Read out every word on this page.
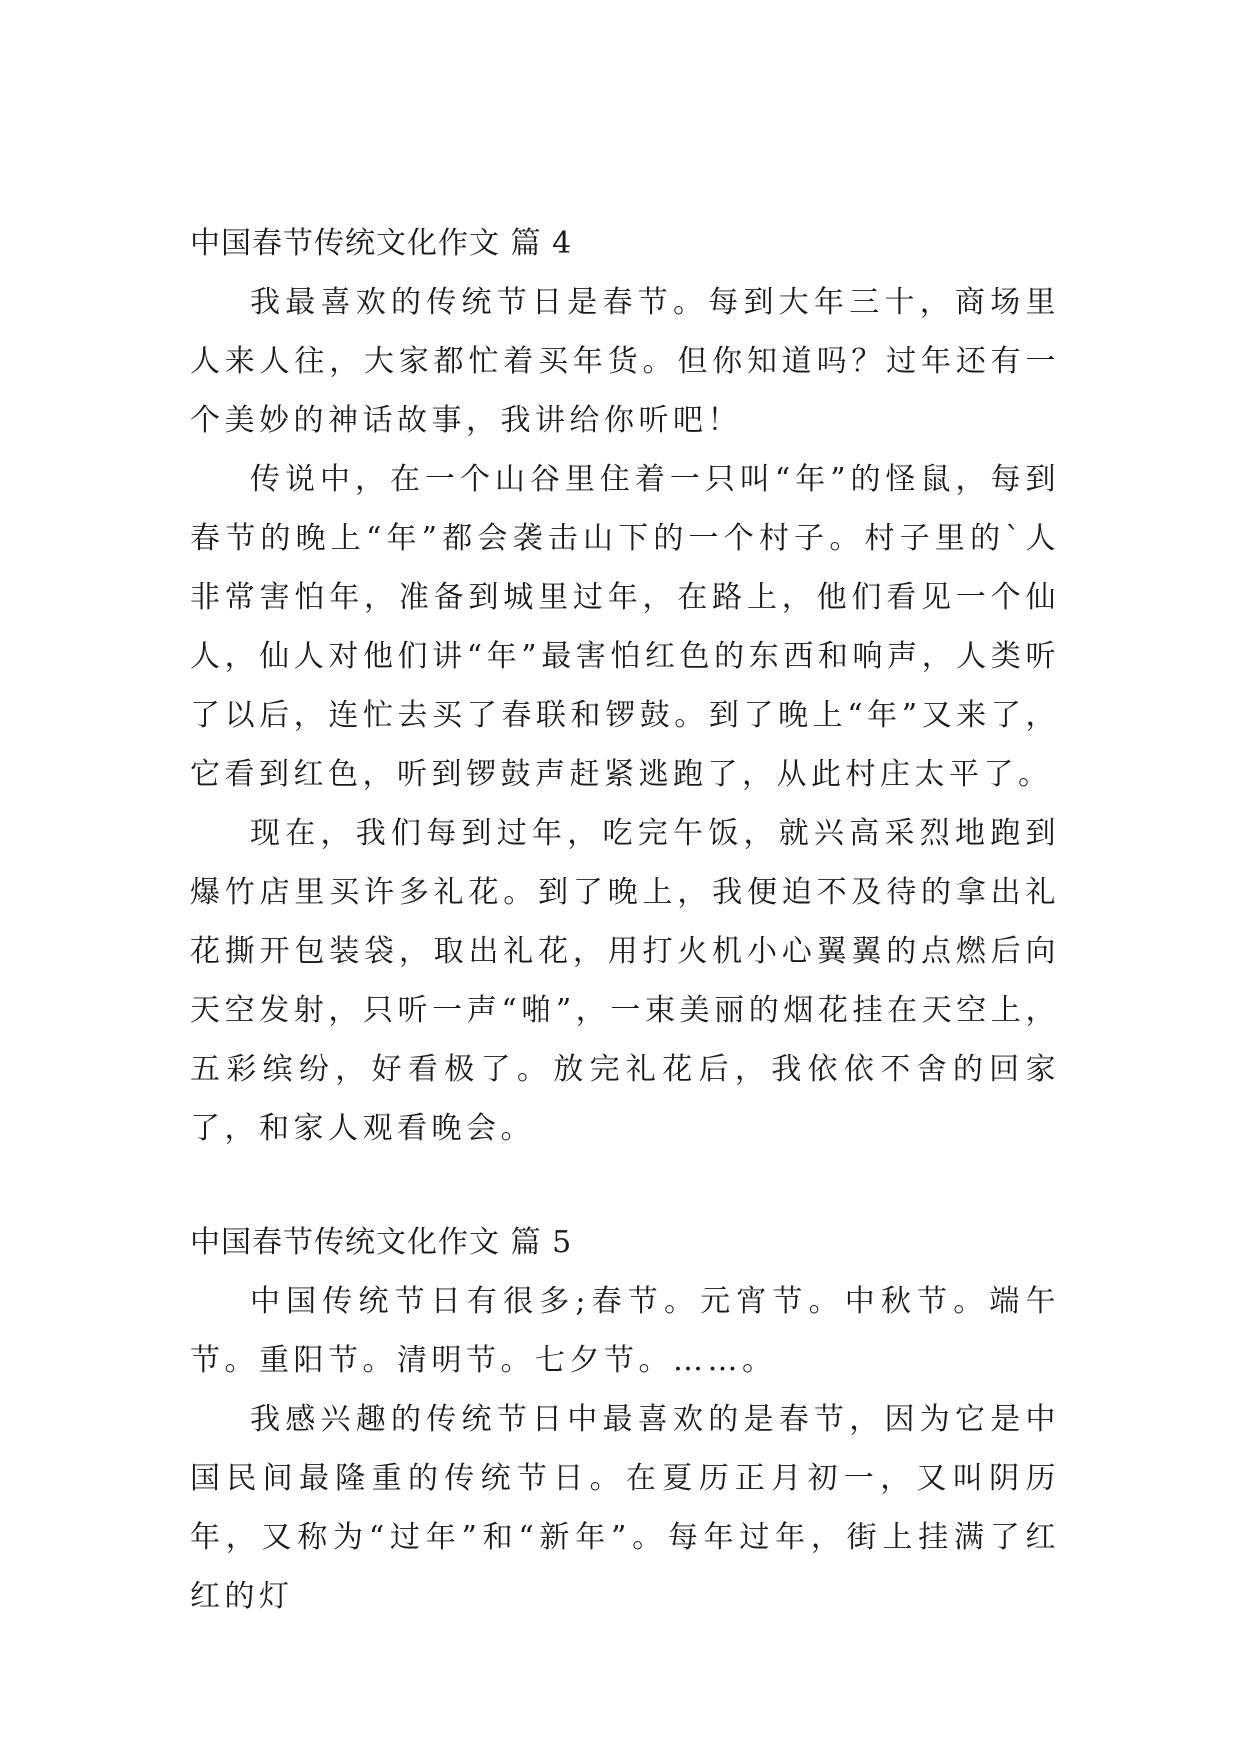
中国春节传统文化作文 篇 4

我最喜欢的传统节日是春节。每到大年三十，商场里人来人往，大家都忙着买年货。但你知道吗？过年还有一个美妙的神话故事，我讲给你听吧！

传说中，在一个山谷里住着一只叫“年”的怪鼠，每到春节的晚上“年”都会袭击山下的一个村子。村子里的`人非常害怕年，准备到城里过年，在路上，他们看见一个仙人，仙人对他们讲“年”最害怕红色的东西和响声，人类听了以后，连忙去买了春联和锣鼓。到了晚上“年”又来了，它看到红色，听到锣鼓声赶紧逃跑了，从此村庄太平了。

现在，我们每到过年，吃完午饭，就兴高采烈地跑到爆竹店里买许多礼花。到了晚上，我便迫不及待的拿出礼花撕开包装袋，取出礼花，用打火机小心翼翼的点燃后向天空发射，只听一声“啪”，一束美丽的烟花挂在天空上，五彩缤纷，好看极了。放完礼花后，我依依不舍的回家了，和家人观看晚会。

中国春节传统文化作文 篇 5

中国传统节日有很多;春节。元宵节。中秋节。端午节。重阳节。清明节。七夕节。……。

我感兴趣的传统节日中最喜欢的是春节，因为它是中国民间最隆重的传统节日。在夏历正月初一，又叫阴历年，又称为“过年”和“新年”。每年过年，街上挂满了红红的灯
